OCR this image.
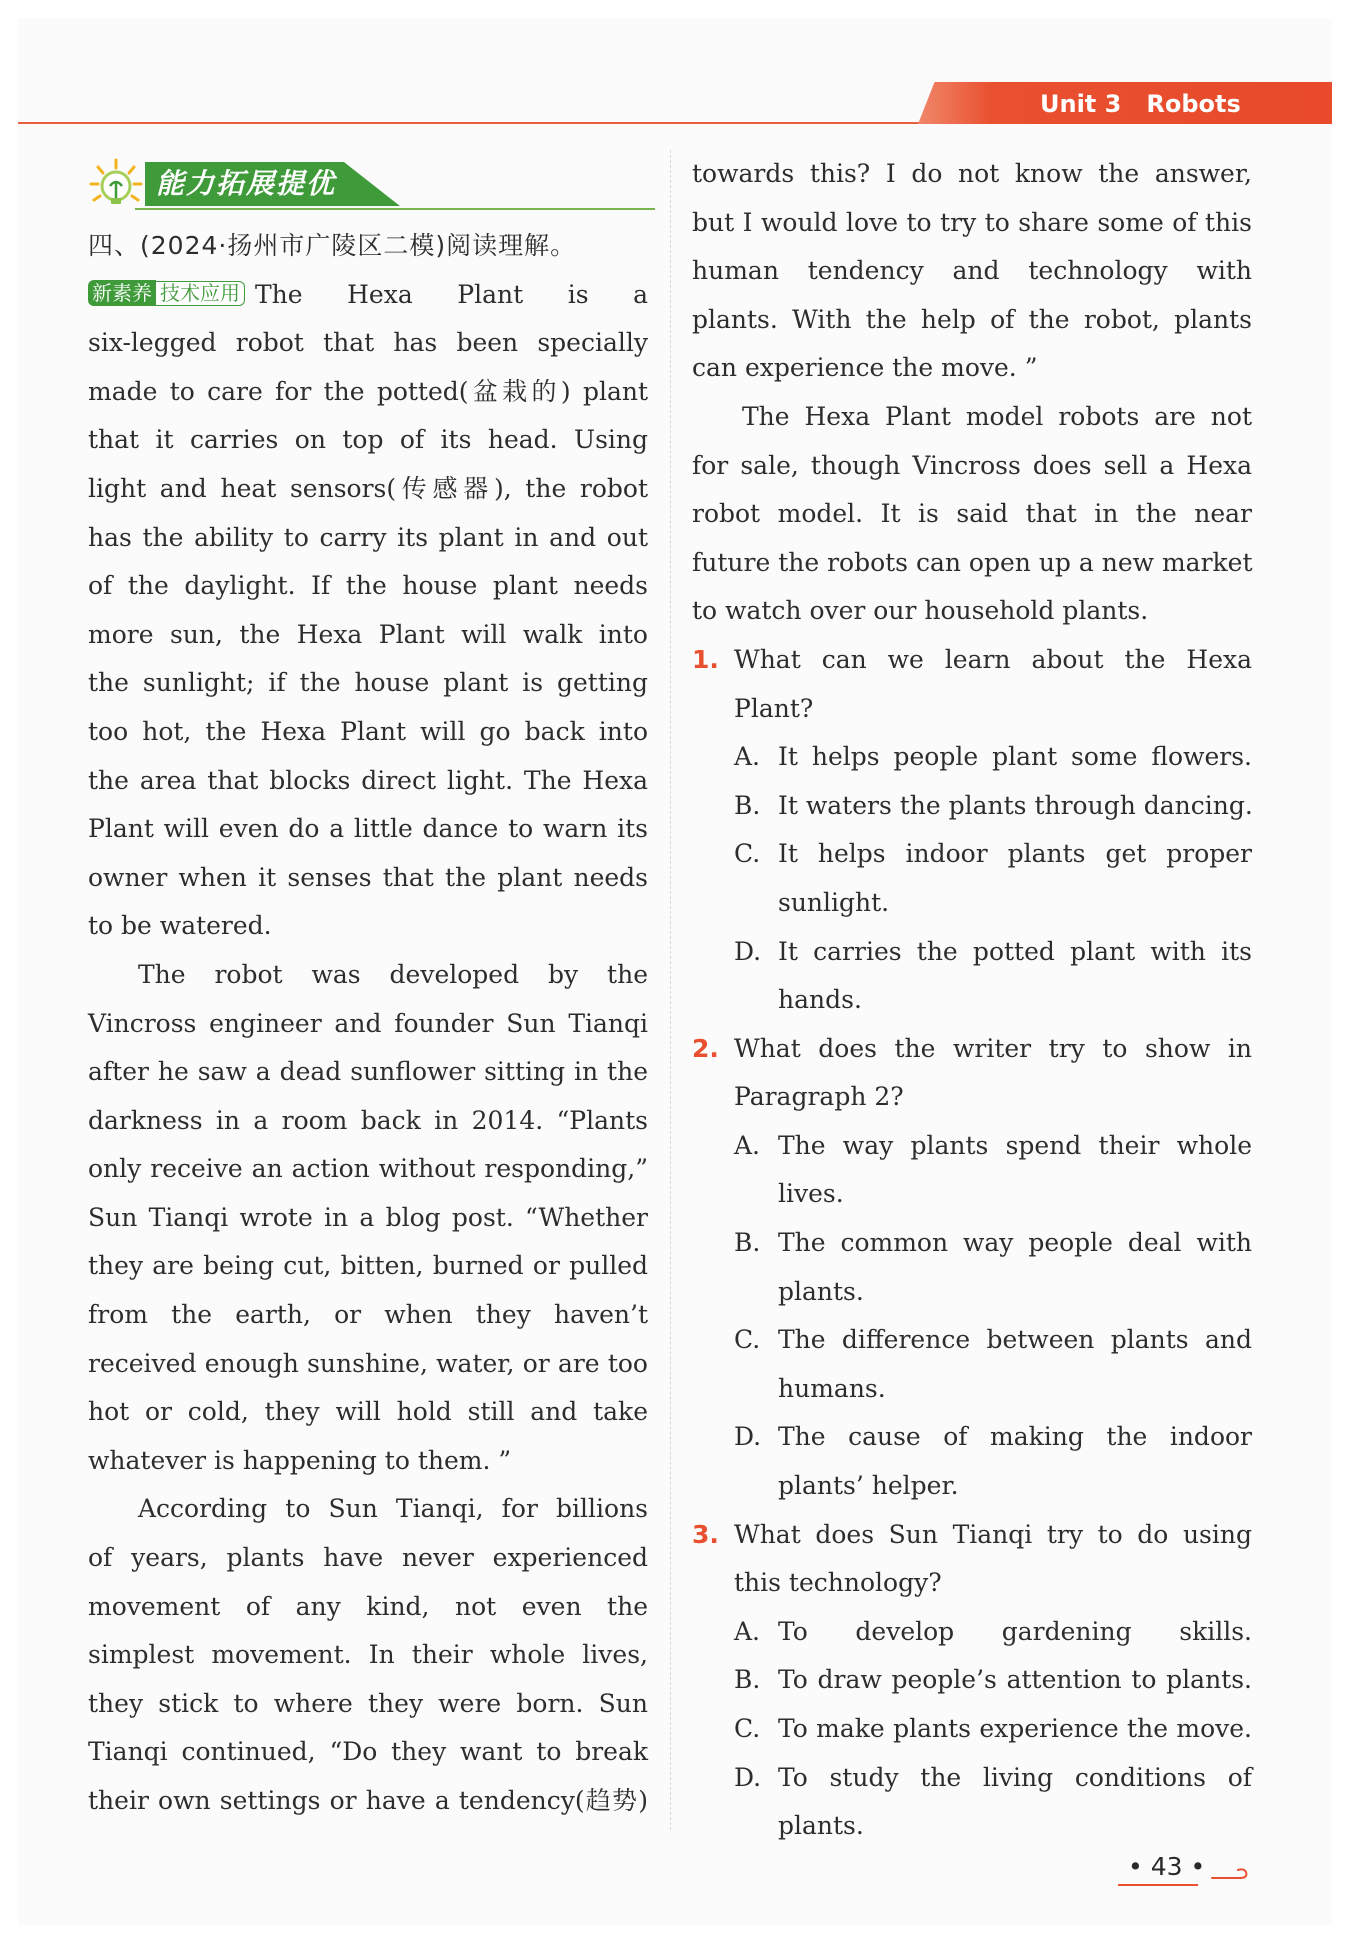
Unit 3   Robots
能力拓展提优
四、(2024·扬州市广陵区二模)阅读理解。
新素养 技术应用 The Hexa Plant is a
six-legged robot that has been specially
made to care for the potted(盆栽的) plant
that it carries on top of its head. Using
light and heat sensors(传感器), the robot
has the ability to carry its plant in and out
of the daylight. If the house plant needs
more sun, the Hexa Plant will walk into
the sunlight; if the house plant is getting
too hot, the Hexa Plant will go back into
the area that blocks direct light. The Hexa
Plant will even do a little dance to warn its
owner when it senses that the plant needs
to be watered.
The robot was developed by the
Vincross engineer and founder Sun Tianqi
after he saw a dead sunflower sitting in the
darkness in a room back in 2014. “Plants
only receive an action without responding,”
Sun Tianqi wrote in a blog post. “Whether
they are being cut, bitten, burned or pulled
from the earth, or when they haven’t
received enough sunshine, water, or are too
hot or cold, they will hold still and take
whatever is happening to them. ”
According to Sun Tianqi, for billions
of years, plants have never experienced
movement of any kind, not even the
simplest movement. In their whole lives,
they stick to where they were born. Sun
Tianqi continued, “Do they want to break
their own settings or have a tendency(趋势)
towards this? I do not know the answer,
but I would love to try to share some of this
human tendency and technology with
plants. With the help of the robot, plants
can experience the move. ”
The Hexa Plant model robots are not
for sale, though Vincross does sell a Hexa
robot model. It is said that in the near
future the robots can open up a new market
to watch over our household plants.
1. What can we learn about the Hexa
Plant?
A. It helps people plant some flowers.
B. It waters the plants through dancing.
C. It helps indoor plants get proper
sunlight.
D. It carries the potted plant with its
hands.
2. What does the writer try to show in
Paragraph 2?
A. The way plants spend their whole
lives.
B. The common way people deal with
plants.
C. The difference between plants and
humans.
D. The cause of making the indoor
plants’ helper.
3. What does Sun Tianqi try to do using
this technology?
A. To develop gardening skills.
B. To draw people’s attention to plants.
C. To make plants experience the move.
D. To study the living conditions of
plants.
• 43 •
